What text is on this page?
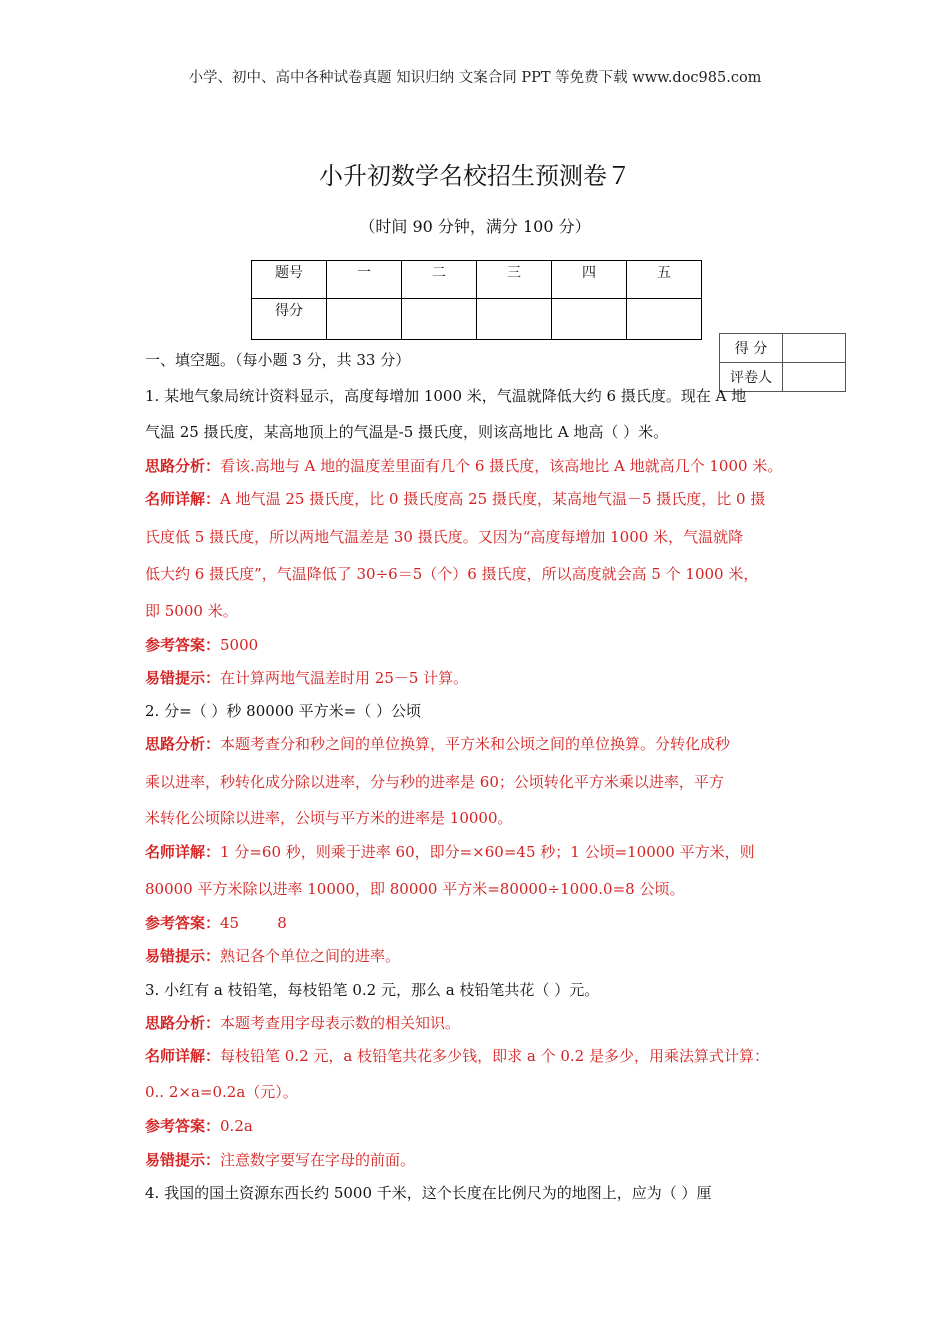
小学、初中、高中各种试卷真题 知识归纳 文案合同 PPT 等免费下载 www.doc985.com
小升初数学名校招生预测卷７
（时间 90 分钟，满分 100 分）
题号	一	二	三	四	五
得分					
得 分	
评卷人	
一、填空题。（每小题 3 分，共 33 分）
1. 某地气象局统计资料显示，高度每增加 1000 米，气温就降低大约 6 摄氏度。现在 A 地
气温 25 摄氏度，某高地顶上的气温是-5 摄氏度，则该高地比 A 地高（ ）米。
思路分析：看该.高地与 A 地的温度差里面有几个 6 摄氏度，该高地比 A 地就高几个 1000 米。
名师详解：A 地气温 25 摄氏度，比 0 摄氏度高 25 摄氏度，某高地气温－5 摄氏度，比 0 摄
氏度低 5 摄氏度，所以两地气温差是 30 摄氏度。又因为“高度每增加 1000 米，气温就降
低大约 6 摄氏度”，气温降低了 30÷6＝5（个）6 摄氏度，所以高度就会高 5 个 1000 米，
即 5000 米。
参考答案：5000
易错提示：在计算两地气温差时用 25－5 计算。
2. 分=（ ）秒 80000 平方米=（ ）公顷
思路分析：本题考查分和秒之间的单位换算，平方米和公顷之间的单位换算。分转化成秒
乘以进率，秒转化成分除以进率，分与秒的进率是 60；公顷转化平方米乘以进率，平方
米转化公顷除以进率，公顷与平方米的进率是 10000。
名师详解：1 分=60 秒，则乘于进率 60，即分=×60=45 秒；1 公顷=10000 平方米，则
80000 平方米除以进率 10000，即 80000 平方米=80000÷1000.0=8 公顷。
参考答案：45        8
易错提示：熟记各个单位之间的进率。
3. 小红有 a 枝铅笔，每枝铅笔 0.2 元，那么 a 枝铅笔共花（ ）元。
思路分析：本题考查用字母表示数的相关知识。
名师详解：每枝铅笔 0.2 元，a 枝铅笔共花多少钱，即求 a 个 0.2 是多少，用乘法算式计算：
0.. 2×a=0.2a（元）。
参考答案：0.2a
易错提示：注意数字要写在字母的前面。
4. 我国的国土资源东西长约 5000 千米，这个长度在比例尺为的地图上，应为（ ）厘
